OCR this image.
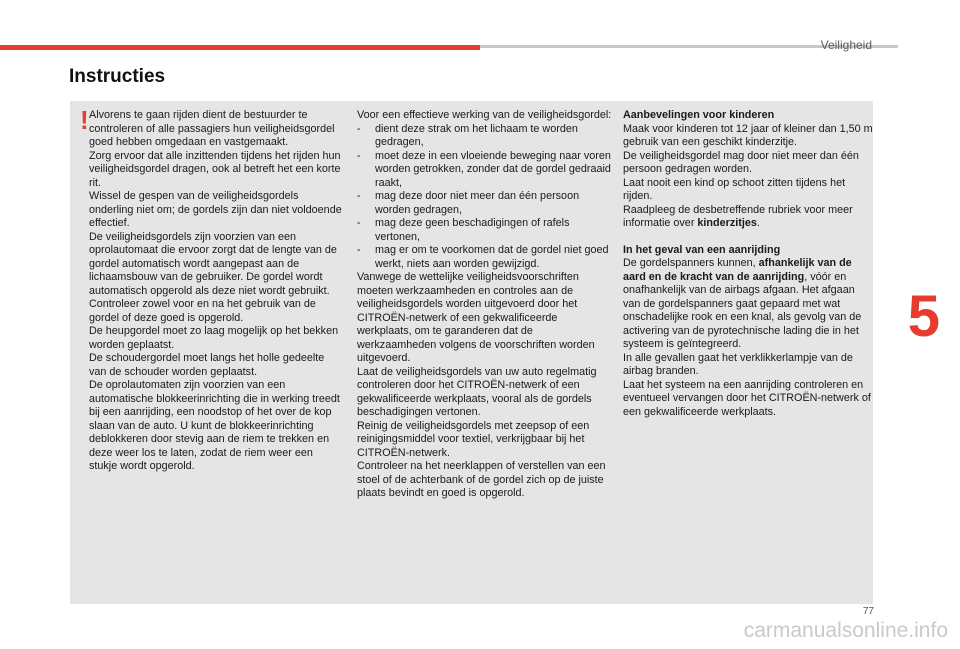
Veiligheid
Instructies
5
! Alvorens te gaan rijden dient de bestuurder te controleren of alle passagiers hun veiligheidsgordel goed hebben omgedaan en vastgemaakt.

Zorg ervoor dat alle inzittenden tijdens het rijden hun veiligheidsgordel dragen, ook al betreft het een korte rit.

Wissel de gespen van de veiligheidsgordels onderling niet om; de gordels zijn dan niet voldoende effectief.

De veiligheidsgordels zijn voorzien van een oprolautomaat die ervoor zorgt dat de lengte van de gordel automatisch wordt aangepast aan de lichaamsbouw van de gebruiker. De gordel wordt automatisch opgerold als deze niet wordt gebruikt.

Controleer zowel voor en na het gebruik van de gordel of deze goed is opgerold.

De heupgordel moet zo laag mogelijk op het bekken worden geplaatst.

De schoudergordel moet langs het holle gedeelte van de schouder worden geplaatst.

De oprolautomaten zijn voorzien van een automatische blokkeerinrichting die in werking treedt bij een aanrijding, een noodstop of het over de kop slaan van de auto. U kunt de blokkeerinrichting deblokkeren door stevig aan de riem te trekken en deze weer los te laten, zodat de riem weer een stukje wordt opgerold.

Voor een effectieve werking van de veiligheidsgordel:

- dient deze strak om het lichaam te worden gedragen,
- moet deze in een vloeiende beweging naar voren worden getrokken, zonder dat de gordel gedraaid raakt,
- mag deze door niet meer dan één persoon worden gedragen,
- mag deze geen beschadigingen of rafels vertonen,
- mag er om te voorkomen dat de gordel niet goed werkt, niets aan worden gewijzigd.

Vanwege de wettelijke veiligheidsvoorschriften moeten werkzaamheden en controles aan de veiligheidsgordels worden uitgevoerd door het CITROËN-netwerk of een gekwalificeerde werkplaats, om te garanderen dat de werkzaamheden volgens de voorschriften worden uitgevoerd.

Laat de veiligheidsgordels van uw auto regelmatig controleren door het CITROËN-netwerk of een gekwalificeerde werkplaats, vooral als de gordels beschadigingen vertonen.

Reinig de veiligheidsgordels met zeepsop of een reinigingsmiddel voor textiel, verkrijgbaar bij het CITROËN-netwerk.

Controleer na het neerklappen of verstellen van een stoel of de achterbank of de gordel zich op de juiste plaats bevindt en goed is opgerold.

Aanbevelingen voor kinderen

Maak voor kinderen tot 12 jaar of kleiner dan 1,50 m gebruik van een geschikt kinderzitje.

De veiligheidsgordel mag door niet meer dan één persoon gedragen worden.

Laat nooit een kind op schoot zitten tijdens het rijden.

Raadpleeg de desbetreffende rubriek voor meer informatie over kinderzitjes.

In het geval van een aanrijding

De gordelspanners kunnen, afhankelijk van de aard en de kracht van de aanrijding, vóór en onafhankelijk van de airbags afgaan. Het afgaan van de gordelspanners gaat gepaard met wat onschadelijke rook en een knal, als gevolg van de activering van de pyrotechnische lading die in het systeem is geïntegreerd.

In alle gevallen gaat het verklikkerlampje van de airbag branden.

Laat het systeem na een aanrijding controleren en eventueel vervangen door het CITROËN-netwerk of een gekwalificeerde werkplaats.

77
carmanualsonline.info
